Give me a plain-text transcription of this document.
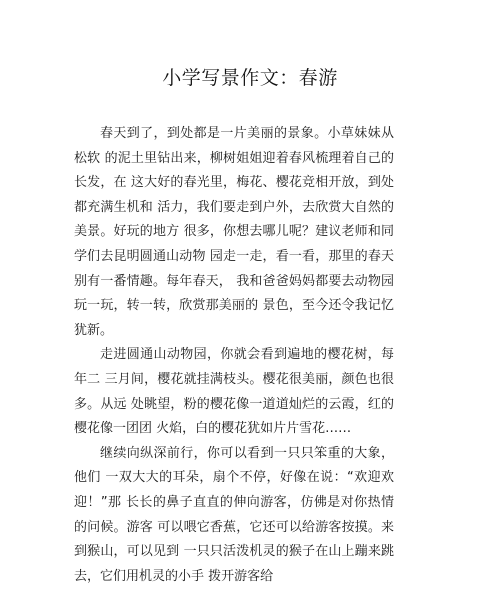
小学写景作文：春游

春天到了，到处都是一片美丽的景象。小草妹妹从松软 的泥土里钻出来，柳树姐姐迎着春风梳理着自己的长发，在 这大好的春光里，梅花、樱花竞相开放，到处都充满生机和 活力，我们要走到户外，去欣赏大自然的美景。好玩的地方 很多，你想去哪儿呢？建议老师和同学们去昆明圆通山动物 园走一走，看一看，那里的春天别有一番情趣。每年春天， 我和爸爸妈妈都要去动物园玩一玩，转一转，欣赏那美丽的 景色，至今还令我记忆犹新。

走进圆通山动物园，你就会看到遍地的樱花树，每年二 三月间，樱花就挂满枝头。樱花很美丽，颜色也很多。从远 处眺望，粉的樱花像一道道灿烂的云霞，红的樱花像一团团 火焰，白的樱花犹如片片雪花……

继续向纵深前行，你可以看到一只只笨重的大象，他们 一双大大的耳朵，扇个不停，好像在说：“欢迎欢迎！”那 长长的鼻子直直的伸向游客，仿佛是对你热情的问候。游客 可以喂它香蕉，它还可以给游客按摸。来到猴山，可以见到 一只只活泼机灵的猴子在山上蹦来跳去，它们用机灵的小手 拨开游客给
